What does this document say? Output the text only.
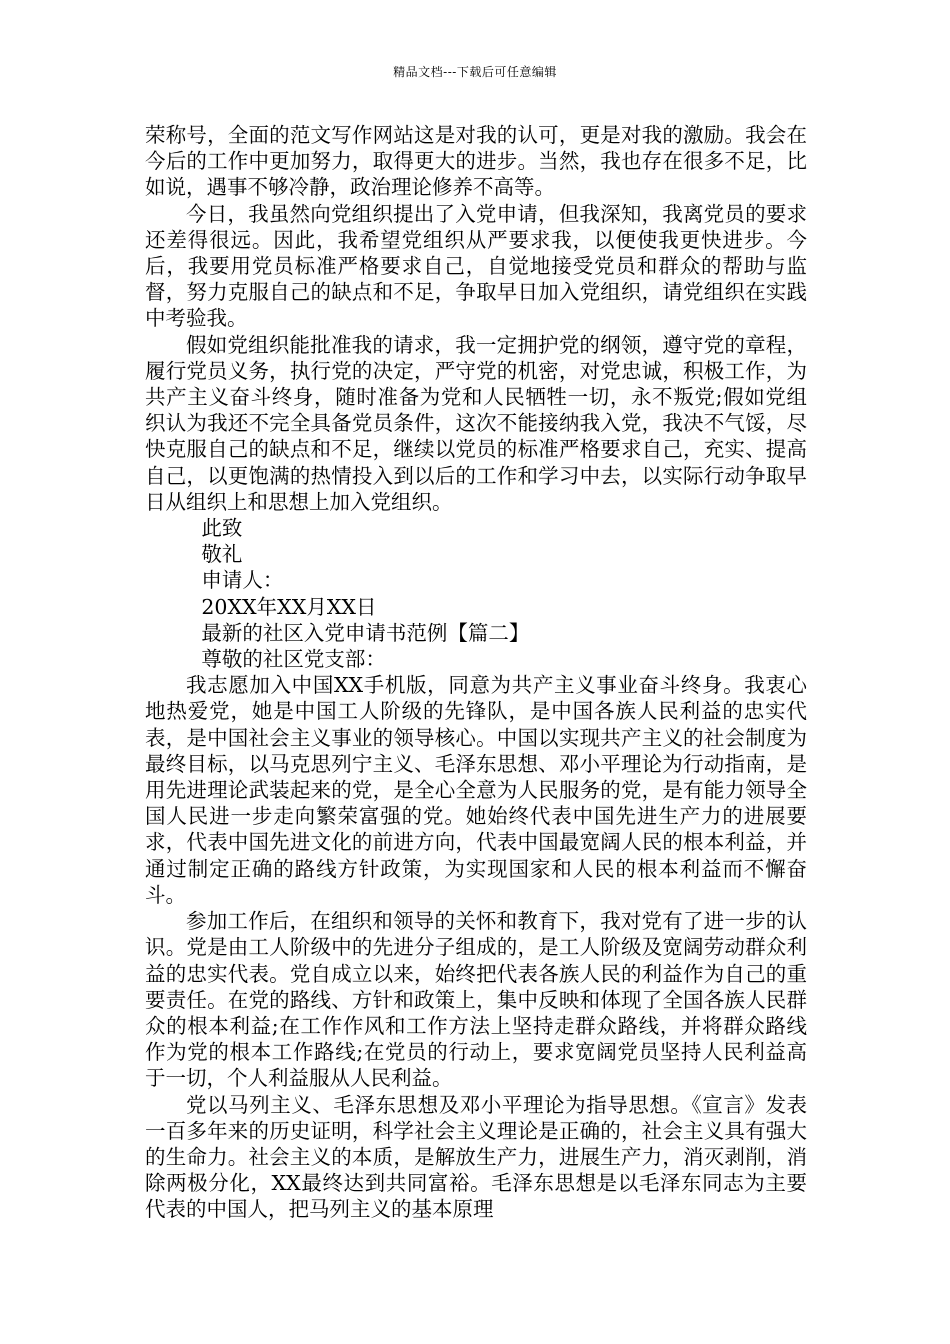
精品文档---下载后可任意编辑

荣称号，全面的范文写作网站这是对我的认可，更是对我的激励。我会在今后的工作中更加努力，取得更大的进步。当然，我也存在很多不足，比如说，遇事不够冷静，政治理论修养不高等。

今日，我虽然向党组织提出了入党申请，但我深知，我离党员的要求还差得很远。因此，我希望党组织从严要求我，以便使我更快进步。今后，我要用党员标准严格要求自己，自觉地接受党员和群众的帮助与监督，努力克服自己的缺点和不足，争取早日加入党组织，请党组织在实践中考验我。

假如党组织能批准我的请求，我一定拥护党的纲领，遵守党的章程，履行党员义务，执行党的决定，严守党的机密，对党忠诚，积极工作，为共产主义奋斗终身，随时准备为党和人民牺牲一切，永不叛党;假如党组织认为我还不完全具备党员条件，这次不能接纳我入党，我决不气馁，尽快克服自己的缺点和不足，继续以党员的标准严格要求自己，充实、提高自己，以更饱满的热情投入到以后的工作和学习中去，以实际行动争取早日从组织上和思想上加入党组织。

此致

敬礼

申请人：

20XX年XX月XX日

最新的社区入党申请书范例【篇二】

尊敬的社区党支部：

我志愿加入中国XX手机版，同意为共产主义事业奋斗终身。我衷心地热爱党，她是中国工人阶级的先锋队，是中国各族人民利益的忠实代表，是中国社会主义事业的领导核心。中国以实现共产主义的社会制度为最终目标，以马克思列宁主义、毛泽东思想、邓小平理论为行动指南，是用先进理论武装起来的党，是全心全意为人民服务的党，是有能力领导全国人民进一步走向繁荣富强的党。她始终代表中国先进生产力的进展要求，代表中国先进文化的前进方向，代表中国最宽阔人民的根本利益，并通过制定正确的路线方针政策，为实现国家和人民的根本利益而不懈奋斗。

参加工作后，在组织和领导的关怀和教育下，我对党有了进一步的认识。党是由工人阶级中的先进分子组成的，是工人阶级及宽阔劳动群众利益的忠实代表。党自成立以来，始终把代表各族人民的利益作为自己的重要责任。在党的路线、方针和政策上，集中反映和体现了全国各族人民群众的根本利益;在工作作风和工作方法上坚持走群众路线，并将群众路线作为党的根本工作路线;在党员的行动上，要求宽阔党员坚持人民利益高于一切，个人利益服从人民利益。

党以马列主义、毛泽东思想及邓小平理论为指导思想。《宣言》发表一百多年来的历史证明，科学社会主义理论是正确的，社会主义具有强大的生命力。社会主义的本质，是解放生产力，进展生产力，消灭剥削，消除两极分化，XX最终达到共同富裕。毛泽东思想是以毛泽东同志为主要代表的中国人，把马列主义的基本原理
